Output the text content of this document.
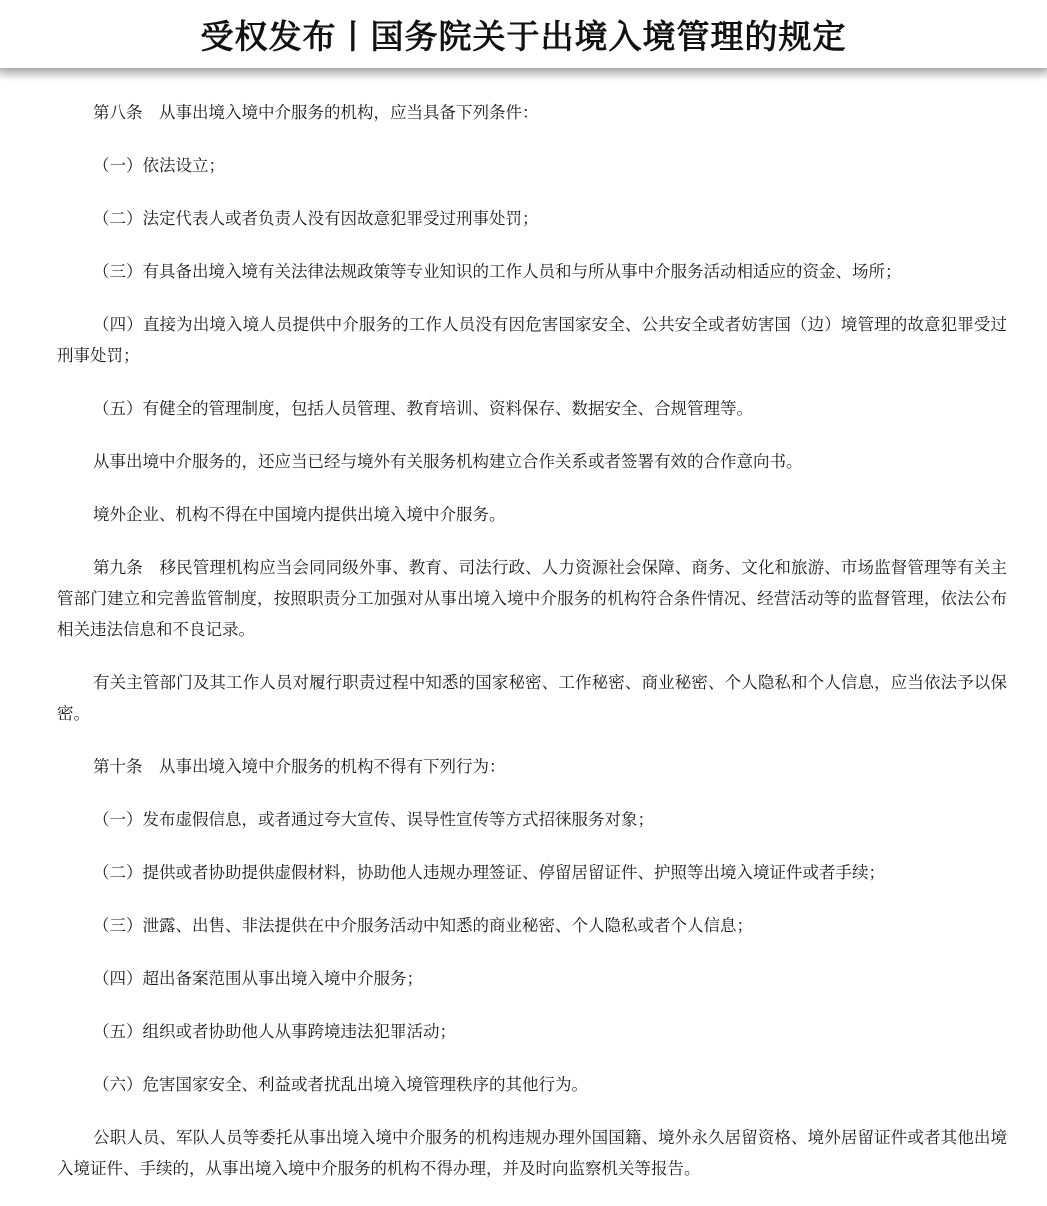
受权发布丨国务院关于出境入境管理的规定

第八条　从事出境入境中介服务的机构，应当具备下列条件：

（一）依法设立；

（二）法定代表人或者负责人没有因故意犯罪受过刑事处罚；

（三）有具备出境入境有关法律法规政策等专业知识的工作人员和与所从事中介服务活动相适应的资金、场所；

（四）直接为出境入境人员提供中介服务的工作人员没有因危害国家安全、公共安全或者妨害国（边）境管理的故意犯罪受过刑事处罚；

（五）有健全的管理制度，包括人员管理、教育培训、资料保存、数据安全、合规管理等。

从事出境中介服务的，还应当已经与境外有关服务机构建立合作关系或者签署有效的合作意向书。

境外企业、机构不得在中国境内提供出境入境中介服务。

第九条　移民管理机构应当会同同级外事、教育、司法行政、人力资源社会保障、商务、文化和旅游、市场监督管理等有关主管部门建立和完善监管制度，按照职责分工加强对从事出境入境中介服务的机构符合条件情况、经营活动等的监督管理，依法公布相关违法信息和不良记录。

有关主管部门及其工作人员对履行职责过程中知悉的国家秘密、工作秘密、商业秘密、个人隐私和个人信息，应当依法予以保密。

第十条　从事出境入境中介服务的机构不得有下列行为：

（一）发布虚假信息，或者通过夸大宣传、误导性宣传等方式招徕服务对象；

（二）提供或者协助提供虚假材料，协助他人违规办理签证、停留居留证件、护照等出境入境证件或者手续；

（三）泄露、出售、非法提供在中介服务活动中知悉的商业秘密、个人隐私或者个人信息；

（四）超出备案范围从事出境入境中介服务；

（五）组织或者协助他人从事跨境违法犯罪活动；

（六）危害国家安全、利益或者扰乱出境入境管理秩序的其他行为。

公职人员、军队人员等委托从事出境入境中介服务的机构违规办理外国国籍、境外永久居留资格、境外居留证件或者其他出境入境证件、手续的，从事出境入境中介服务的机构不得办理，并及时向监察机关等报告。
